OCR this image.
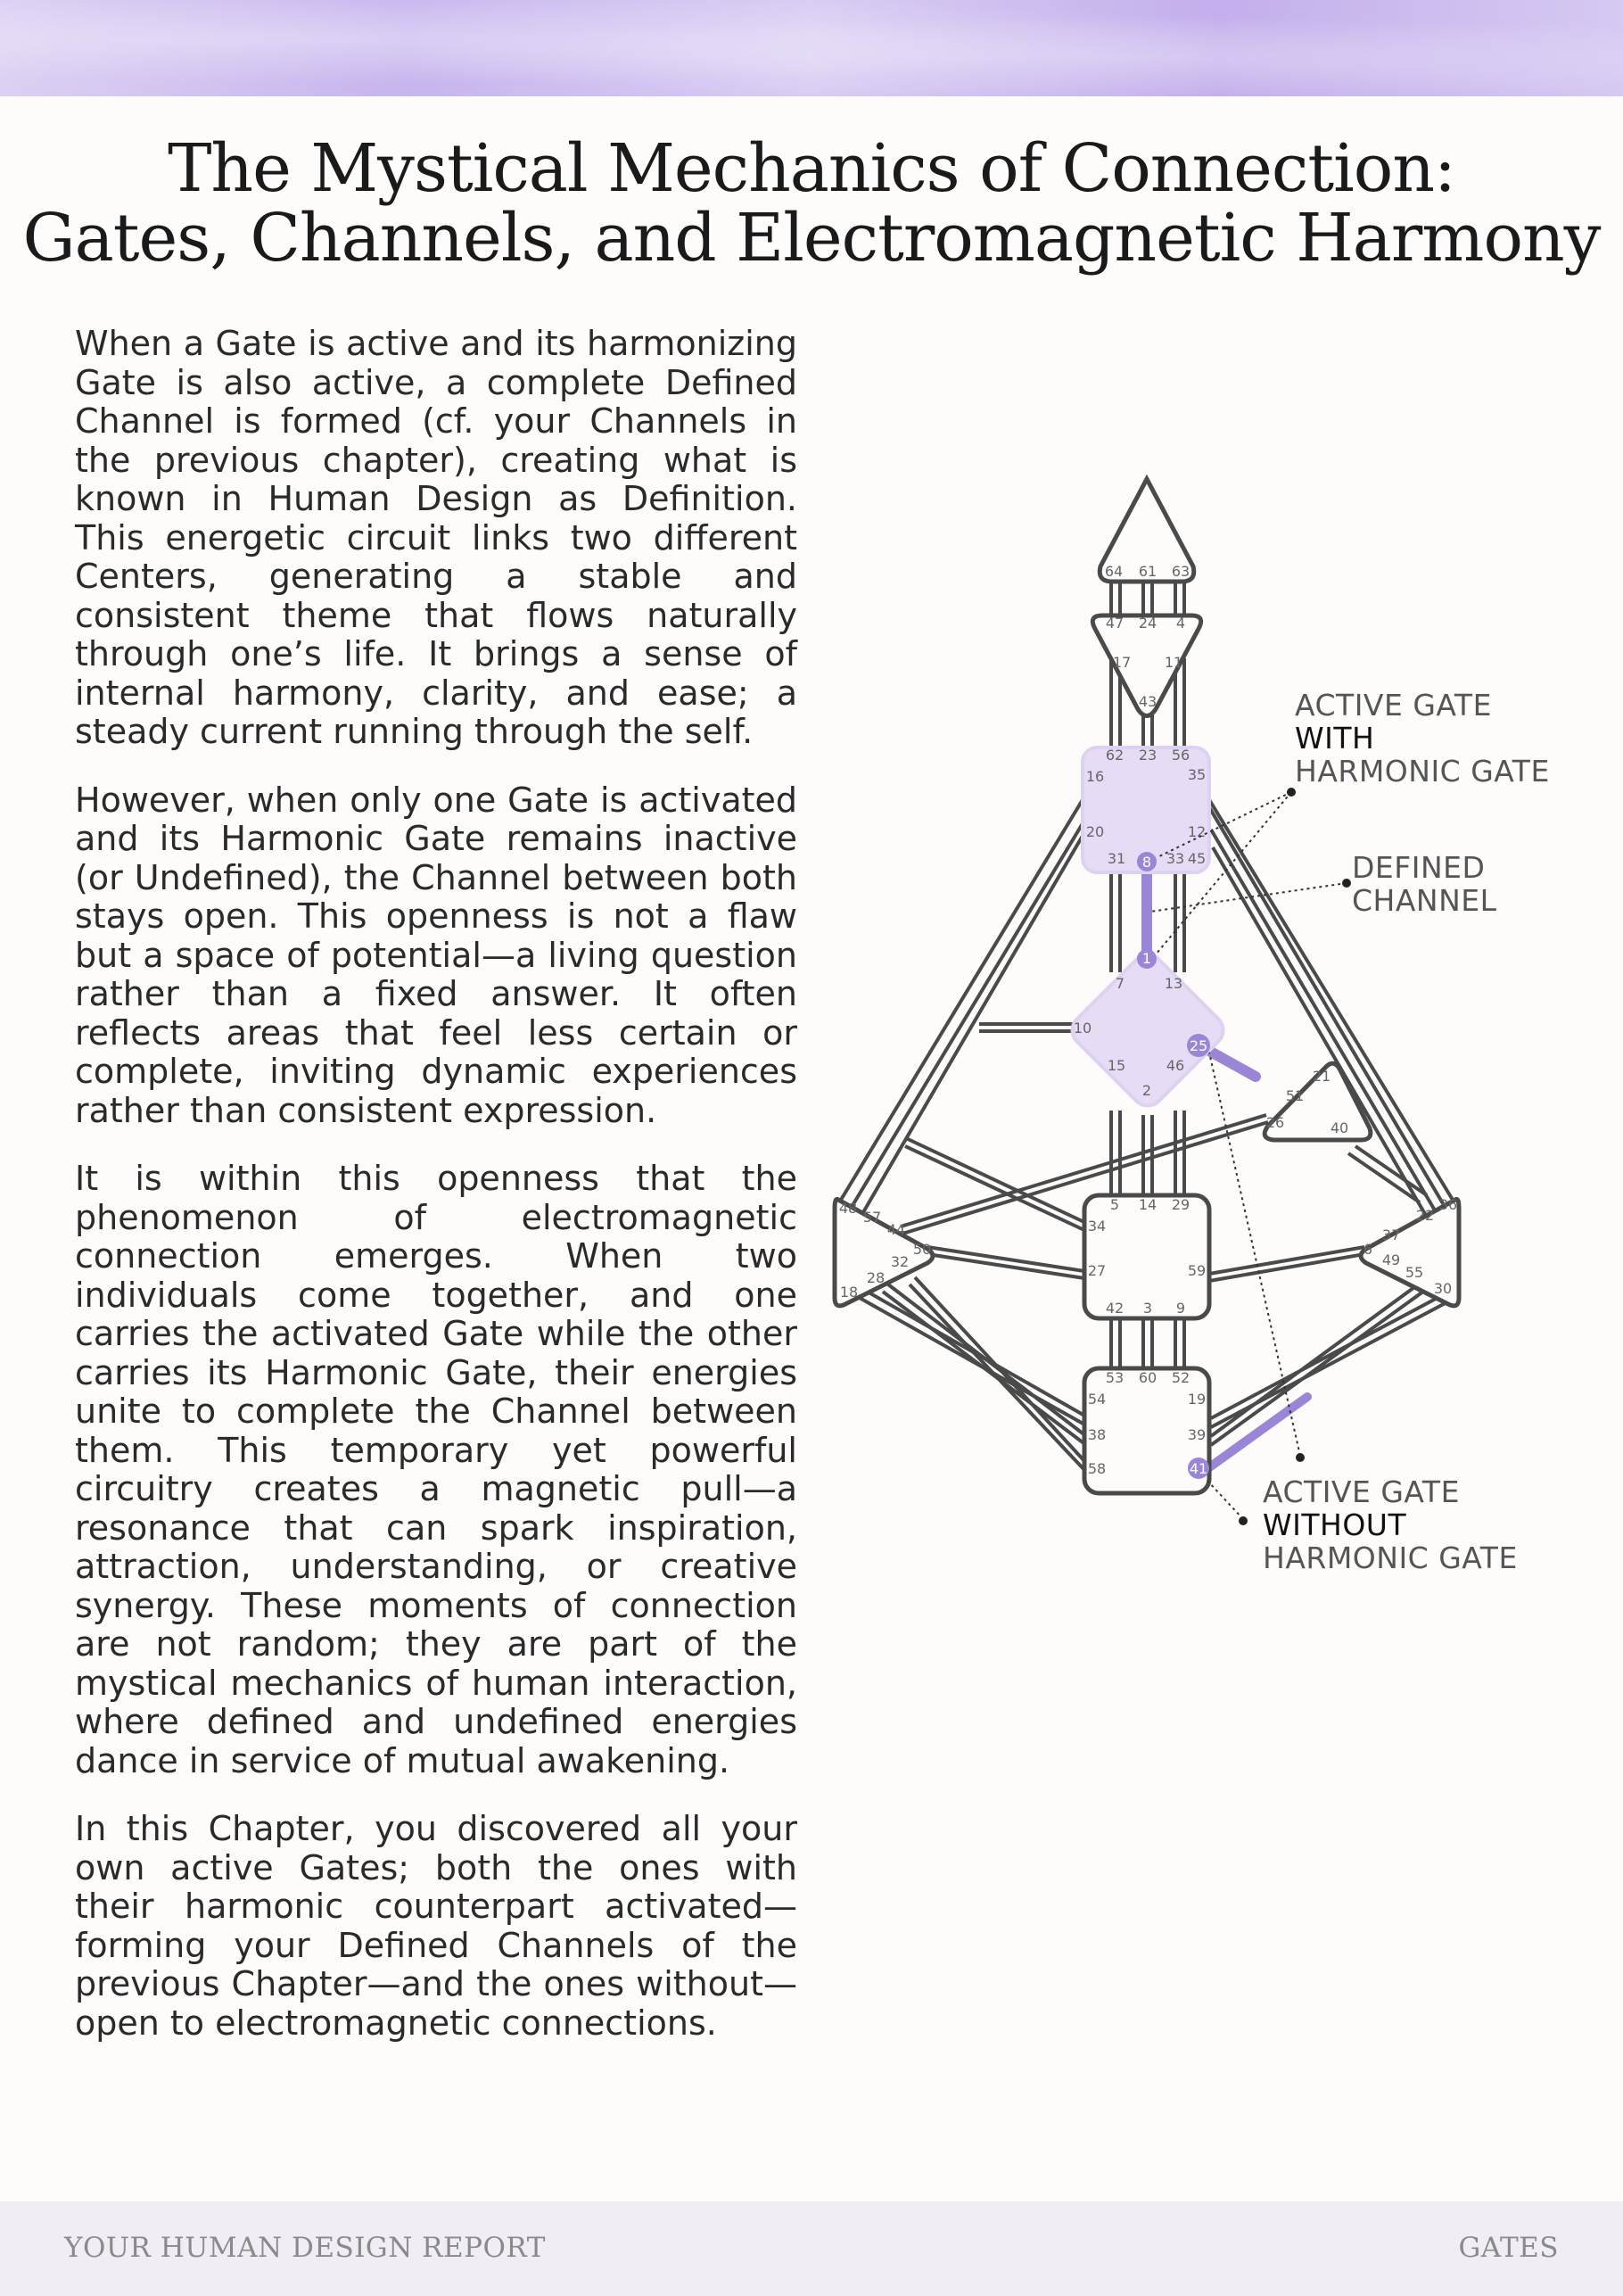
The Mystical Mechanics of Connection:
Gates, Channels, and Electromagnetic Harmony

When a Gate is active and its harmonizing Gate is also active, a complete Defined Channel is formed (cf. your Channels in the previous chapter), creating what is known in Human Design as Definition. This energetic circuit links two different Centers, generating a stable and consistent theme that flows naturally through one’s life. It brings a sense of internal harmony, clarity, and ease; a steady current running through the self.

However, when only one Gate is activated and its Harmonic Gate remains inactive (or Undefined), the Channel between both stays open. This openness is not a flaw but a space of potential—a living question rather than a fixed answer. It often reflects areas that feel less certain or complete, inviting dynamic experiences rather than consistent expression.

It is within this openness that the phenomenon of electromagnetic connection emerges. When two individuals come together, and one carries the activated Gate while the other carries its Harmonic Gate, their energies unite to complete the Channel between them. This temporary yet powerful circuitry creates a magnetic pull—a resonance that can spark inspiration, attraction, understanding, or creative synergy. These moments of connection are not random; they are part of the mystical mechanics of human interaction, where defined and undefined energies dance in service of mutual awakening.

In this Chapter, you discovered all your own active Gates; both the ones with their harmonic counterpart activated—forming your Defined Channels of the previous Chapter—and the ones without—open to electromagnetic connections.

64 61 63
47 24 4
17 11
43
62 23 56
16	35
12
20
31 8 33 45
1
7	13
10
25
15	46
2
21
51
26	40
48
57
44
50
32
28
18
5 14 29
34
27	59
42 3 9
36
22
37
6
49
55
30
53 60 52
54	19
38	39
58	41
ACTIVE GATE
WITH
HARMONIC GATE
DEFINED
CHANNEL
ACTIVE GATE
WITHOUT
HARMONIC GATE
YOUR HUMAN DESIGN REPORT	GATES
